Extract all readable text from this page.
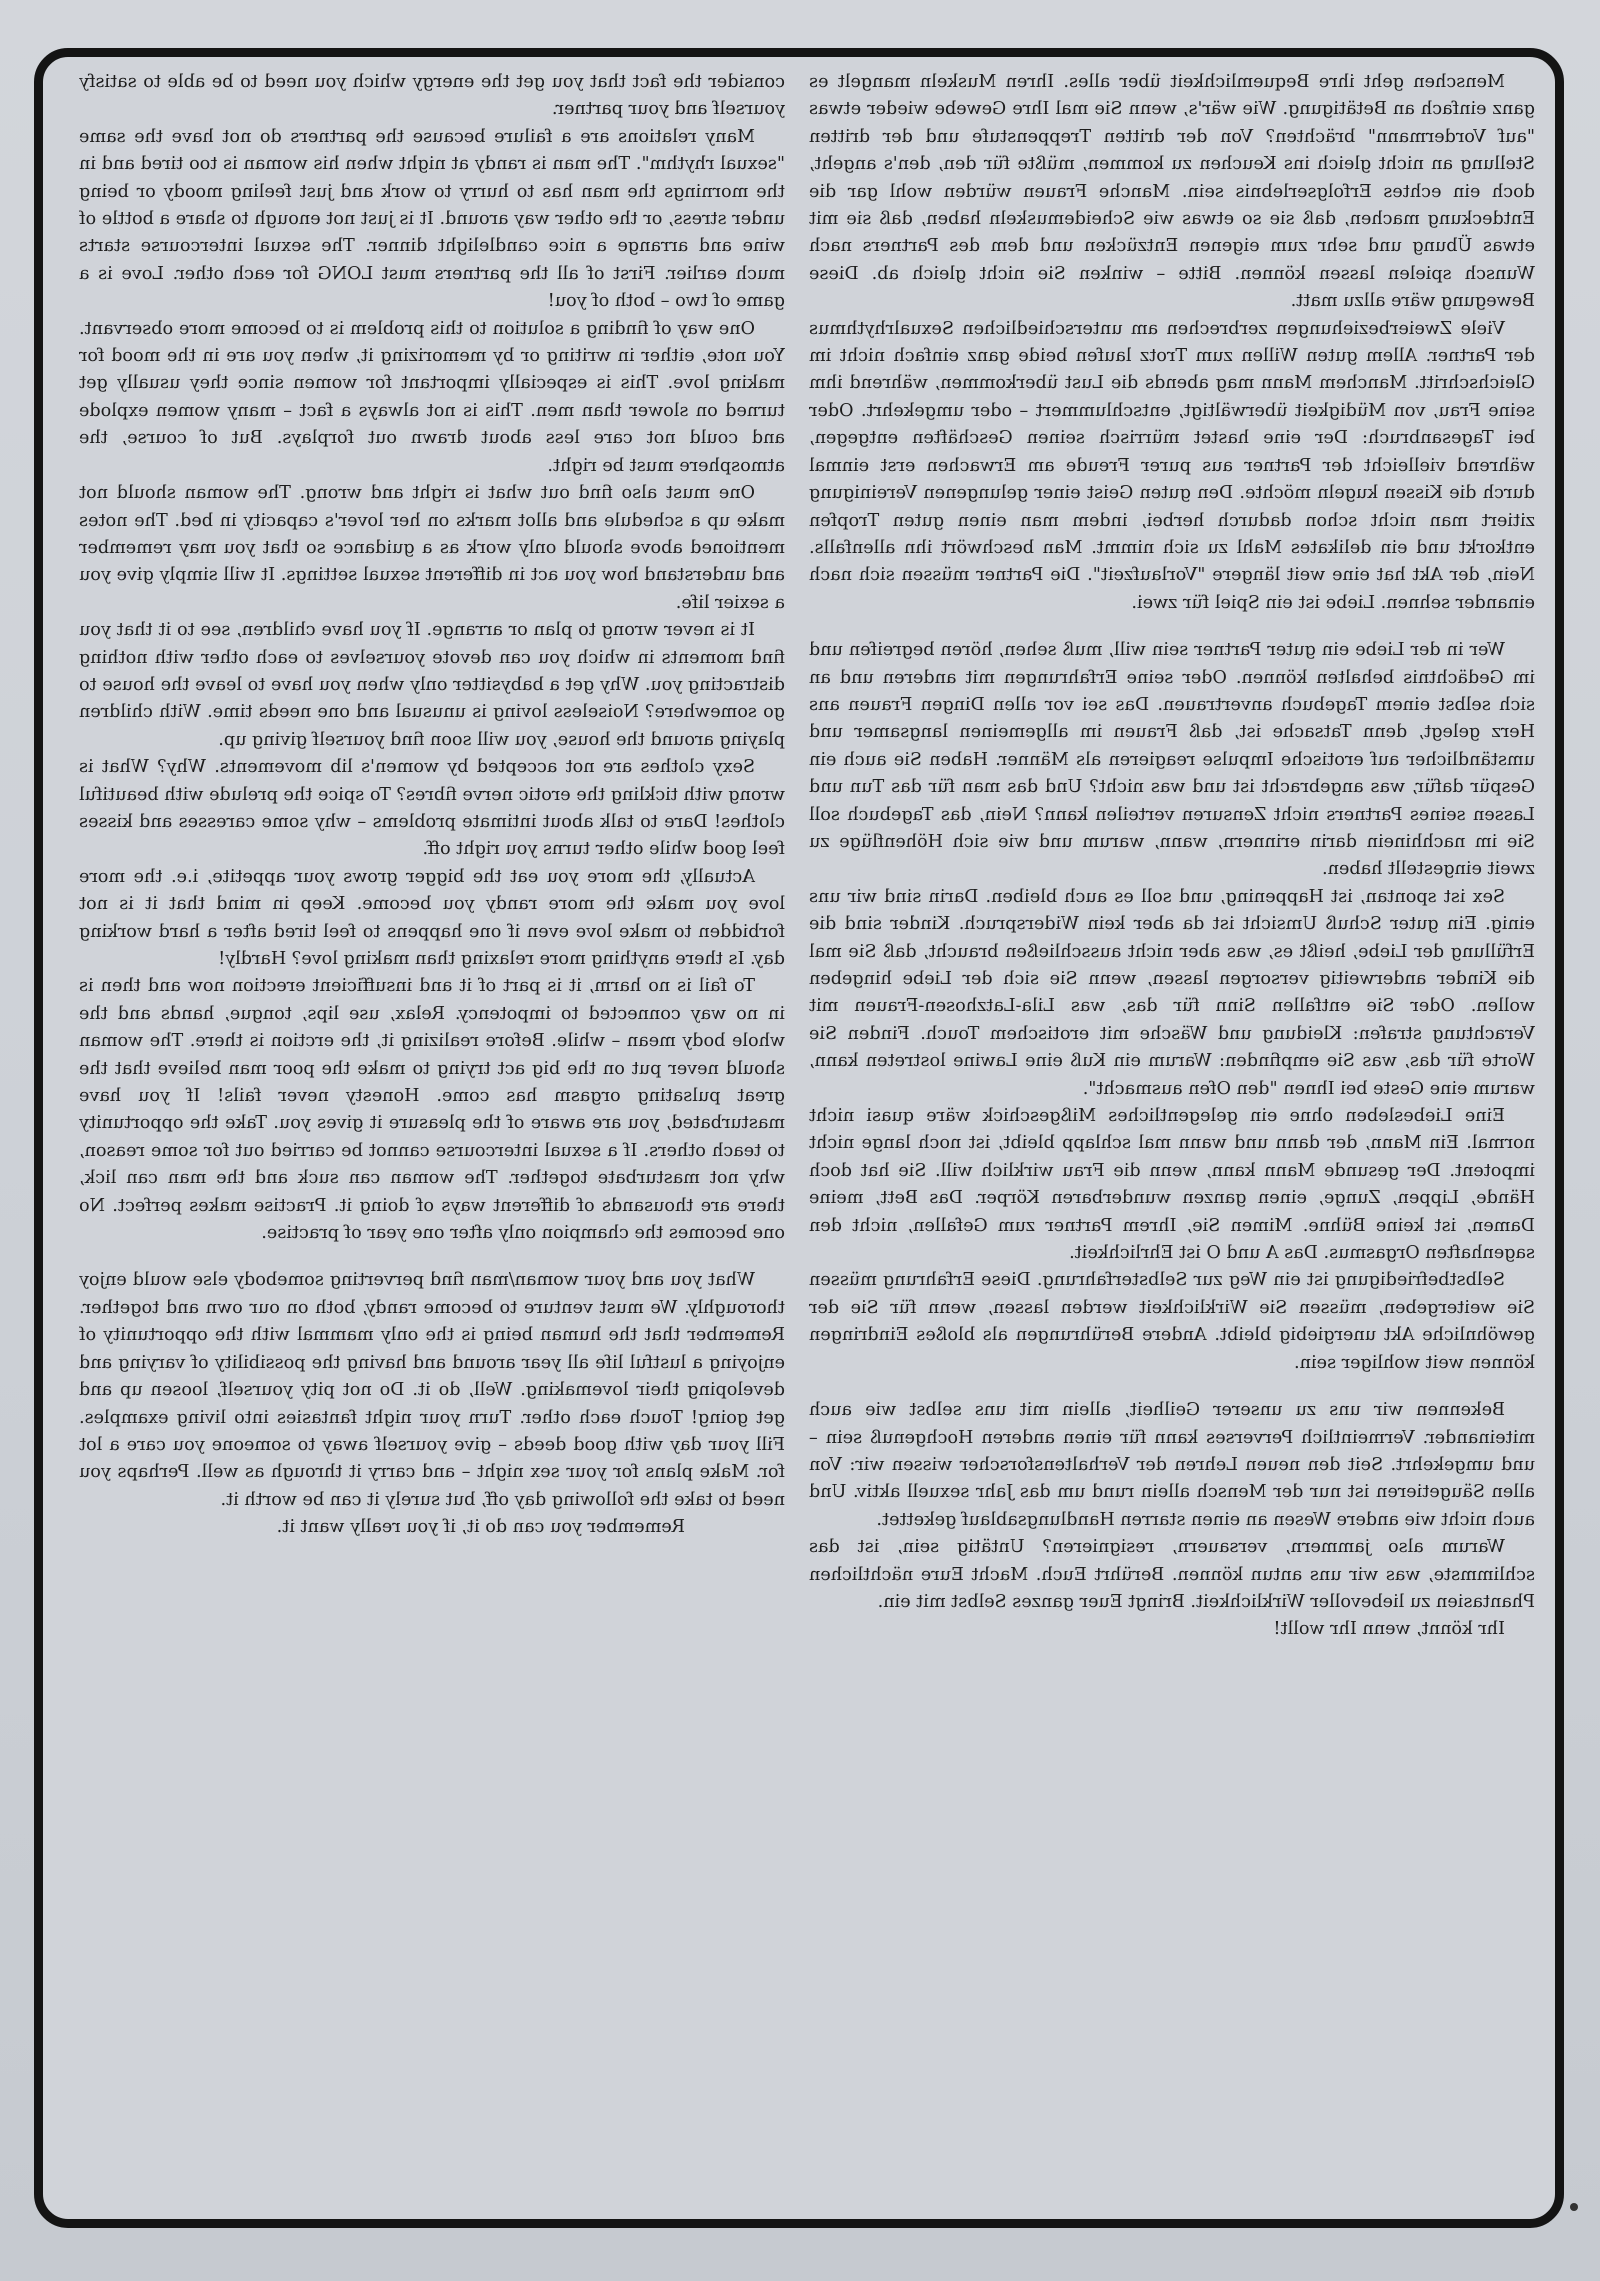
Menschen geht ihre Bequemlichkeit über alles. Ihren Muskeln mangelt es ganz einfach an Betätigung. Wie wär's, wenn Sie mal Ihre Gewebe wieder etwas "auf Vordermann" brächten? Von der dritten Treppenstufe und der dritten Stellung an nicht gleich ins Keuchen zu kommen, müßte für den, den's angeht, doch ein echtes Erfolgserlebnis sein. Manche Frauen würden wohl gar die Entdeckung machen, daß sie so etwas wie Scheidemuskeln haben, daß sie mit etwas Übung und sehr zum eigenen Entzücken und dem des Partners nach Wunsch spielen lassen können. Bitte – winken Sie nicht gleich ab. Diese Bewegung wäre allzu matt.

Viele Zweierbeziehungen zerbrechen am unterschiedlichen Sexualrhythmus der Partner. Allem guten Willen zum Trotz laufen beide ganz einfach nicht im Gleichschritt. Manchem Mann mag abends die Lust überkommen, während ihm seine Frau, von Müdigkeit überwältigt, entschlummert – oder umgekehrt. Oder bei Tagesanbruch: Der eine hastet mürrisch seinen Geschäften entgegen, während vielleicht der Partner aus purer Freude am Erwachen erst einmal durch die Kissen kugeln möchte. Den guten Geist einer gelungenen Vereinigung zitiert man nicht schon dadurch herbei, indem man einen guten Tropfen entkorkt und ein delikates Mahl zu sich nimmt. Man beschwört ihn allenfalls. Nein, der Akt hat eine weit längere "Vorlaufzeit". Die Partner müssen sich nach einander sehnen. Liebe ist ein Spiel für zwei.

Wer in der Liebe ein guter Partner sein will, muß sehen, hören begreifen und im Gedächtnis behalten können. Oder seine Erfahrungen mit anderen und an sich selbst einem Tagebuch anvertrauen. Das sei vor allen Dingen Frauen ans Herz gelegt, denn Tatsache ist, daß Frauen im allgemeinen langsamer und umständlicher auf erotische Impulse reagieren als Männer. Haben Sie auch ein Gespür dafür, was angebracht ist und was nicht? Und das man für das Tun und Lassen seines Partners nicht Zensuren verteilen kann? Nein, das Tagebuch soll Sie im nachhinein darin erinnern, wann, warum und wie sich Höhenflüge zu zweit eingestellt haben.

Sex ist spontan, ist Happening, und soll es auch bleiben. Darin sind wir uns einig. Ein guter Schuß Umsicht ist da aber kein Widerspruch. Kinder sind die Erfüllung der Liebe, heißt es, was aber nicht ausschließen braucht, daß Sie mal die Kinder anderweitig versorgen lassen, wenn Sie sich der Liebe hingeben wollen. Oder Sie entfallen Sinn für das, was Lila-Latzhosen-Frauen mit Verachtung strafen: Kleidung und Wäsche mit erotischem Touch. Finden Sie Worte für das, was Sie empfinden: Warum ein Kuß eine Lawine lostreten kann, warum eine Geste bei Ihnen "den Ofen ausmacht".

Eine Liebesleben ohne ein gelegentliches Mißgeschick wäre quasi nicht normal. Ein Mann, der dann und wann mal schlapp bleibt, ist noch lange nicht impotent. Der gesunde Mann kann, wenn die Frau wirklich will. Sie hat doch Hände, Lippen, Zunge, einen ganzen wunderbaren Körper. Das Bett, meine Damen, ist keine Bühne. Mimen Sie, Ihrem Partner zum Gefallen, nicht den sagenhaften Orgasmus. Das A und O ist Ehrlichkeit.

Selbstbefriedigung ist ein Weg zur Selbsterfahrung. Diese Erfahrung müssen Sie weitergeben, müssen Sie Wirklichkeit werden lassen, wenn für Sie der gewöhnliche Akt unergiebig bleibt. Andere Berührungen als bloßes Eindringen können weit wohliger sein.

Bekennen wir uns zu unserer Geilheit, allein mit uns selbst wie auch miteinander. Vermeintlich Perverses kann für einen anderen Hochgenuß sein – und umgekehrt. Seit den neuen Lehren der Verhaltensforscher wissen wir: Von allen Säugetieren ist nur der Mensch allein rund um das Jahr sexuell aktiv. Und auch nicht wie andere Wesen an einen starren Handlungsablauf gekettet.

Warum also jammern, versauern, resignieren? Untätig sein, ist das schlimmste, was wir uns antun können. Berührt Euch. Macht Eure nächtlichen Phantasien zu liebevoller Wirklichkeit. Bringt Euer ganzes Selbst mit ein.

Ihr könnt, wenn Ihr wollt!

consider the fact that you get the energy which you need to be able to satisfy yourself and your partner.

Many relations are a failure because the partners do not have the same "sexual rhythm". The man is randy at night when his woman is too tired and in the mornings the man has to hurry to work and just feeling moody or being under stress, or the other way around. It is just not enough to share a bottle of wine and arrange a nice candlelight dinner. The sexual intercourse starts much earlier. First of all the partners must LONG for each other. Love is a game of two – both of you!

One way of finding a solution to this problem is to become more observant. You note, either in writing or by memorizing it, when you are in the mood for making love. This is especially important for women since they usually get turned on slower than men. This is not always a fact – many women explode and could not care less about drawn out forplays. But of course, the atmosphere must be right.

One must also find out what is right and wrong. The woman should not make up a schedule and allot marks on her lover's capacity in bed. The notes mentioned above should only work as a guidance so that you may remember and understand how you act in different sexual settings. It will simply give you a sexier life.

It is never wrong to plan or arrange. If you have children, see to it that you find moments in which you can devote yourselves to each other with nothing distracting you. Why get a babysitter only when you have to leave the house to go somewhere? Noiseless loving is unusual and one needs time. With children playing around the house, you will soon find yourself giving up.

Sexy clothes are not accepted by women's lib movements. Why? What is wrong with tickling the erotic nerve fibres? To spice the prelude with beautiful clothes! Dare to talk about intimate problems – why some caresses and kisses feel good while other turns you right off.

Actually, the more you eat the bigger grows your appetite, i.e. the more love you make the more randy you become. Keep in mind that it is not forbidden to make love even if one happens to feel tired after a hard working day. Is there anything more relaxing than making love? Hardly!

To fail is no harm, it is part of it and insufficient erection now and then is in no way connected to impotency. Relax, use lips, tongue, hands and the whole body mean – while. Before realizing it, the erction is there. The woman should never put on the big act trying to make the poor man believe that the great pulsating orgasm has come. Honesty never fails! If you have masturbated, you are aware of the pleasure it gives you. Take the opportunity to teach others. If a sexual intercourse cannot be carried out for some reason, why not masturbate together. The woman can suck and the man can lick, there are thousands of different ways of doing it. Practise makes perfect. No one becomes the champion only after one year of practise.

What you and your woman/man find perverting somebody else would enjoy thoroughly. We must venture to become randy, both on our own and together. Remember that the human being is the only mammal with the opportunity of enjoying a lustful life all year around and having the possibility of varying and developing their lovemaking. Well, do it. Do not pity yourself, loosen up and get going! Touch each other. Turn your night fantasies into living examples. Fill your day with good deeds – give yourself away to someone you care a lot for. Make plans for your sex night – and carry it through as well. Perhaps you need to take the following day off, but surely it can be worth it.

Remember you can do it, if you really want it.
